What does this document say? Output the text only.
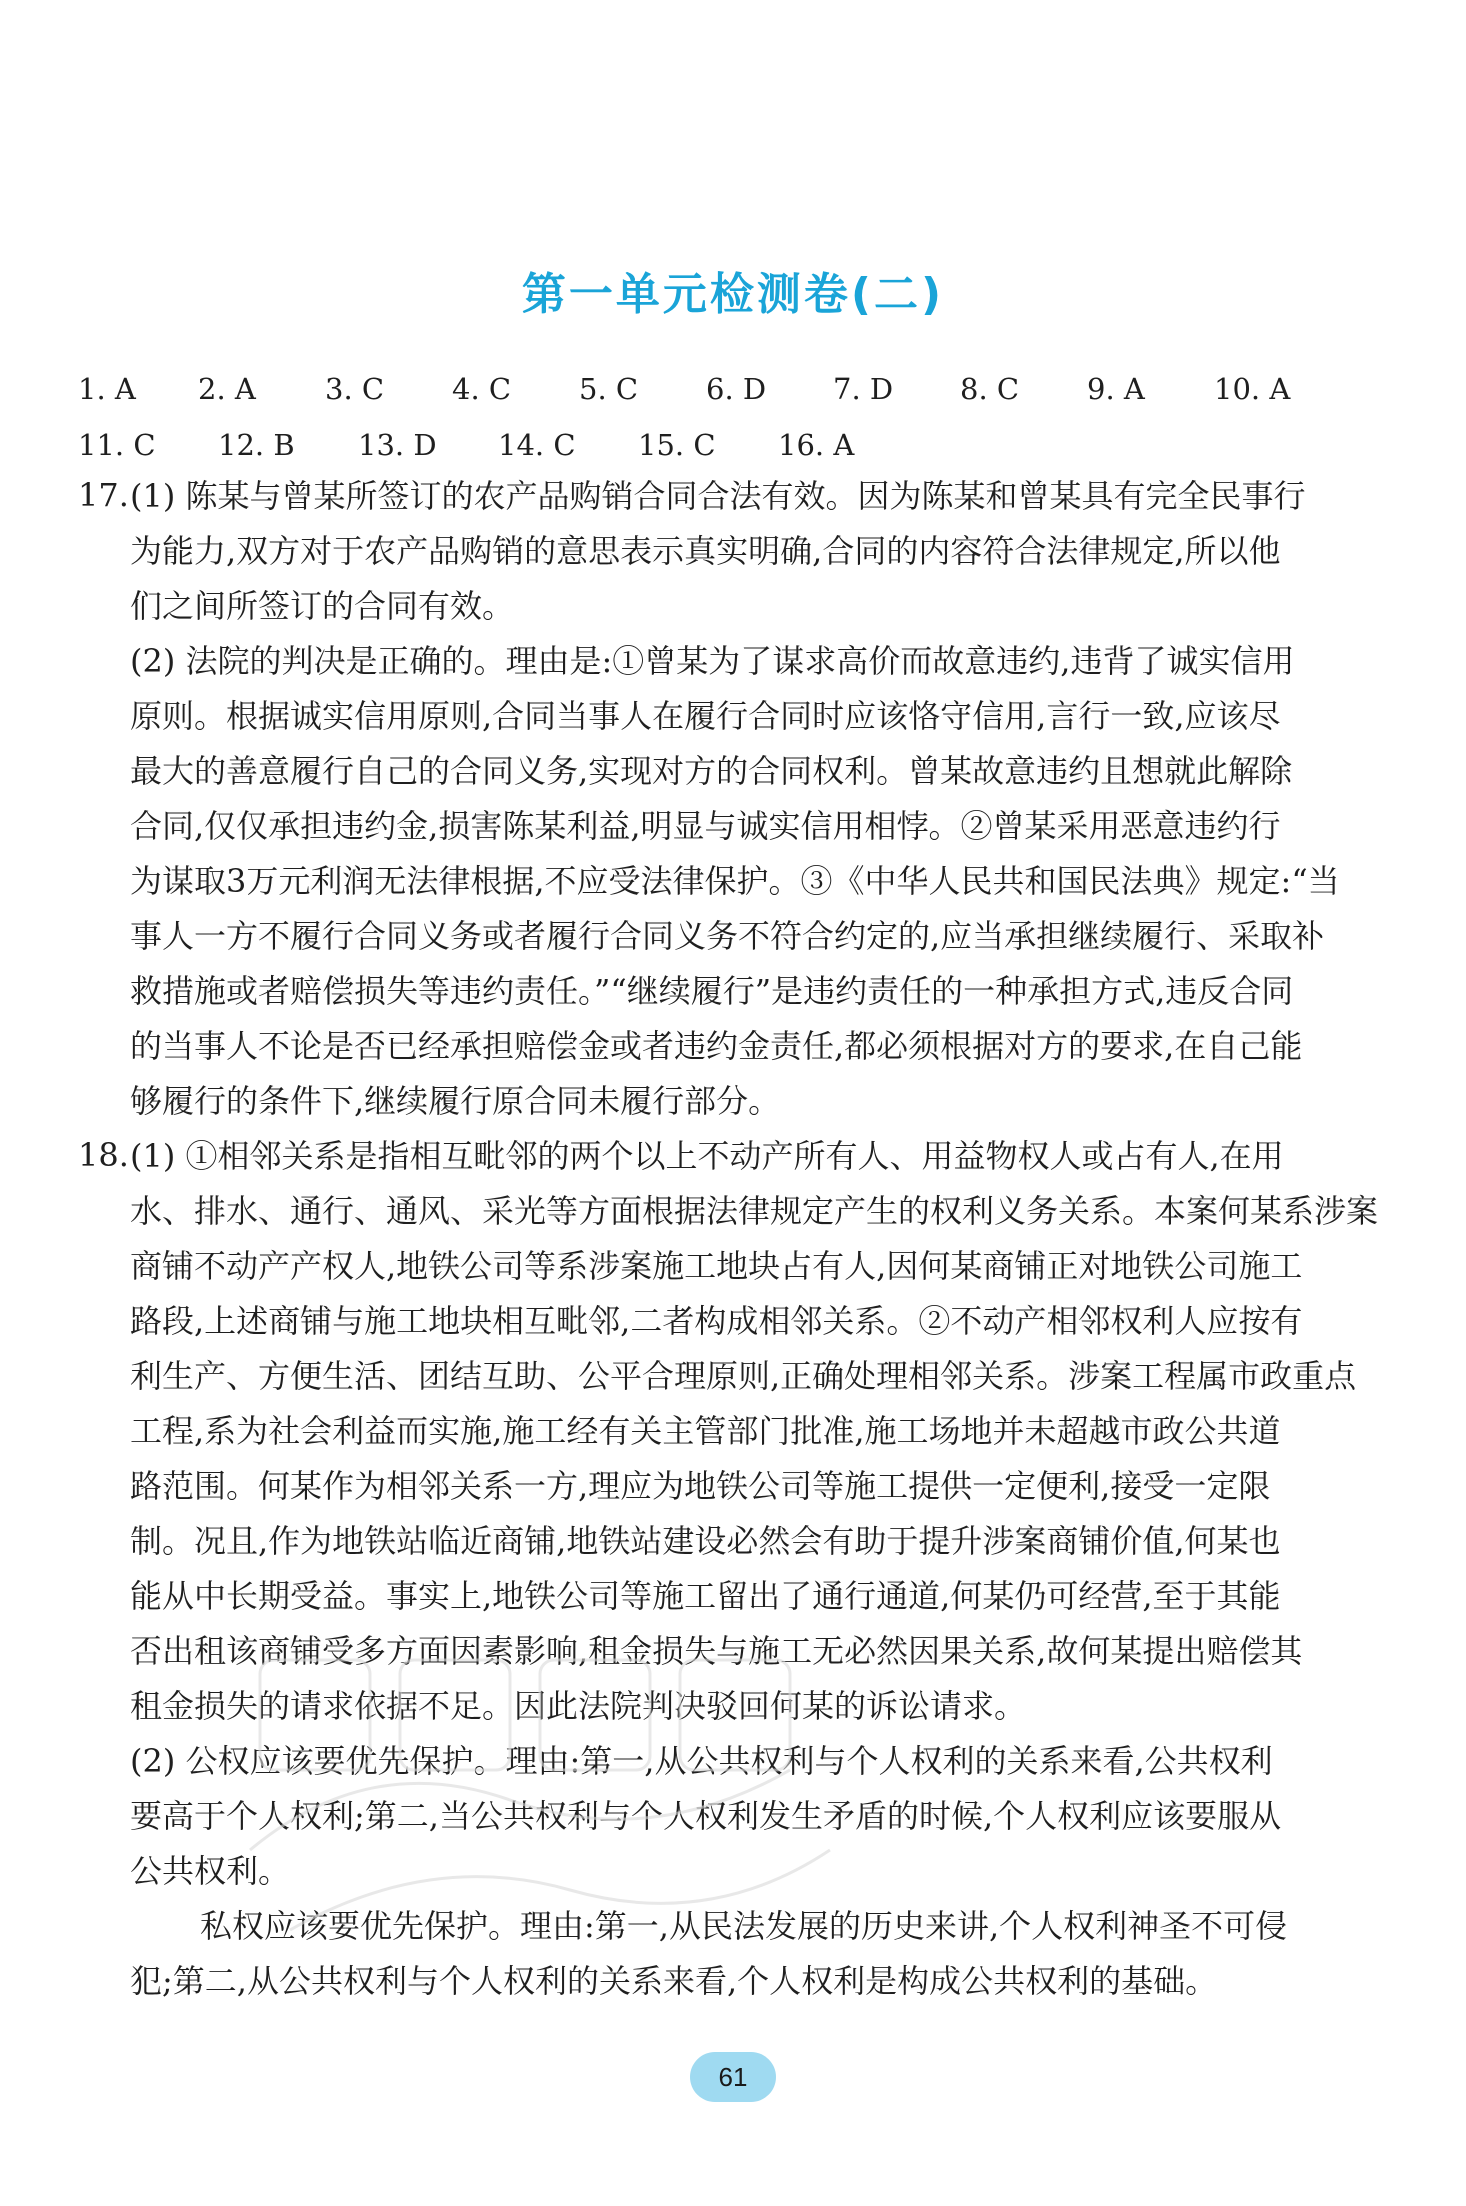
第一单元检测卷(二)
1. A 2. A 3. C 4. C 5. C 6. D 7. D 8. C 9. A 10. A
11. C 12. B 13. D 14. C 15. C 16. A
17. (1) 陈某与曾某所签订的农产品购销合同合法有效。因为陈某和曾某具有完全民事行
为能力,双方对于农产品购销的意思表示真实明确,合同的内容符合法律规定,所以他
们之间所签订的合同有效。
(2) 法院的判决是正确的。理由是:①曾某为了谋求高价而故意违约,违背了诚实信用
原则。根据诚实信用原则,合同当事人在履行合同时应该恪守信用,言行一致,应该尽
最大的善意履行自己的合同义务,实现对方的合同权利。曾某故意违约且想就此解除
合同,仅仅承担违约金,损害陈某利益,明显与诚实信用相悖。②曾某采用恶意违约行
为谋取3万元利润无法律根据,不应受法律保护。③《中华人民共和国民法典》规定:“当
事人一方不履行合同义务或者履行合同义务不符合约定的,应当承担继续履行、采取补
救措施或者赔偿损失等违约责任。”“继续履行”是违约责任的一种承担方式,违反合同
的当事人不论是否已经承担赔偿金或者违约金责任,都必须根据对方的要求,在自己能
够履行的条件下,继续履行原合同未履行部分。
18. (1) ①相邻关系是指相互毗邻的两个以上不动产所有人、用益物权人或占有人,在用
水、排水、通行、通风、采光等方面根据法律规定产生的权利义务关系。本案何某系涉案
商铺不动产产权人,地铁公司等系涉案施工地块占有人,因何某商铺正对地铁公司施工
路段,上述商铺与施工地块相互毗邻,二者构成相邻关系。②不动产相邻权利人应按有
利生产、方便生活、团结互助、公平合理原则,正确处理相邻关系。涉案工程属市政重点
工程,系为社会利益而实施,施工经有关主管部门批准,施工场地并未超越市政公共道
路范围。何某作为相邻关系一方,理应为地铁公司等施工提供一定便利,接受一定限
制。况且,作为地铁站临近商铺,地铁站建设必然会有助于提升涉案商铺价值,何某也
能从中长期受益。事实上,地铁公司等施工留出了通行通道,何某仍可经营,至于其能
否出租该商铺受多方面因素影响,租金损失与施工无必然因果关系,故何某提出赔偿其
租金损失的请求依据不足。因此法院判决驳回何某的诉讼请求。
(2) 公权应该要优先保护。理由:第一,从公共权利与个人权利的关系来看,公共权利
要高于个人权利;第二,当公共权利与个人权利发生矛盾的时候,个人权利应该要服从
公共权利。
私权应该要优先保护。理由:第一,从民法发展的历史来讲,个人权利神圣不可侵
犯;第二,从公共权利与个人权利的关系来看,个人权利是构成公共权利的基础。
61
